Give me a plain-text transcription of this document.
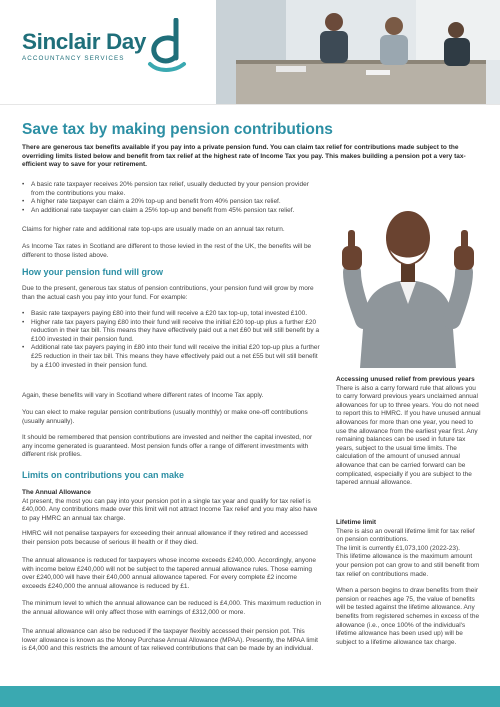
Sinclair Day
ACCOUNTANCY SERVICES
Save tax by making pension contributions
There are generous tax benefits available if you pay into a private pension fund. You can claim tax relief for contributions made subject to the overriding limits listed below and benefit from tax relief at the highest rate of Income Tax you pay. This makes building a pension pot a very tax-efficient way to save for your retirement.
• A basic rate taxpayer receives 20% pension tax relief, usually deducted by your pension provider from the contributions you make.
• A higher rate taxpayer can claim a 20% top-up and benefit from 40% pension tax relief.
• An additional rate taxpayer can claim a 25% top-up and benefit from 45% pension tax relief.
Claims for higher rate and additional rate top-ups are usually made on an annual tax return.
As Income Tax rates in Scotland are different to those levied in the rest of the UK, the benefits will be different to those listed above.
How your pension fund will grow
Due to the present, generous tax status of pension contributions, your pension fund will grow by more than the actual cash you pay into your fund. For example:
• Basic rate taxpayers paying £80 into their fund will receive a £20 tax top-up, total invested £100.
• Higher rate tax payers paying £80 into their fund will receive the initial £20 top-up plus a further £20 reduction in their tax bill. This means they have effectively paid out a net £60 but will still benefit by a £100 invested in their pension fund.
• Additional rate tax payers paying in £80 into their fund will receive the initial £20 top-up plus a further £25 reduction in their tax bill. This means they have effectively paid out a net £55 but will still benefit by a £100 invested in their pension fund.
Again, these benefits will vary in Scotland where different rates of Income Tax apply.
You can elect to make regular pension contributions (usually monthly) or make one-off contributions (usually annually).
It should be remembered that pension contributions are invested and neither the capital invested, nor any income generated is guaranteed. Most pension funds offer a range of different investments with different risk profiles.
Limits on contributions you can make
The Annual Allowance
At present, the most you can pay into your pension pot in a single tax year and qualify for tax relief is £40,000. Any contributions made over this limit will not attract Income Tax relief and you may also have to pay HMRC an annual tax charge.
HMRC will not penalise taxpayers for exceeding their annual allowance if they retired and accessed their pension pots because of serious ill health or if they died.
The annual allowance is reduced for taxpayers whose income exceeds £240,000. Accordingly, anyone with income below £240,000 will not be subject to the tapered annual allowance rules. Those earning over £240,000 will have their £40,000 annual allowance tapered. For every complete £2 income exceeds £240,000 the annual allowance is reduced by £1.
The minimum level to which the annual allowance can be reduced is £4,000. This maximum reduction in the annual allowance will only affect those with earnings of £312,000 or more.
The annual allowance can also be reduced if the taxpayer flexibly accessed their pension pot. This lower allowance is known as the Money Purchase Annual Allowance (MPAA). Presently, the MPAA limit is £4,000 and this restricts the amount of tax relieved contributions that can be made by an individual.
Accessing unused relief from previous years
There is also a carry forward rule that allows you to carry forward previous years unclaimed annual allowances for up to three years. You do not need to report this to HMRC. If you have unused annual allowances for more than one year, you need to use the allowance from the earliest year first. Any remaining balances can be used in future tax years, subject to the usual time limits. The calculation of the amount of unused annual allowance that can be carried forward can be complicated, especially if you are subject to the tapered annual allowance.
Lifetime limit
There is also an overall lifetime limit for tax relief on pension contributions.
The limit is currently £1,073,100 (2022-23).
This lifetime allowance is the maximum amount your pension pot can grow to and still benefit from tax relief on contributions made.
When a person begins to draw benefits from their pension or reaches age 75, the value of benefits will be tested against the lifetime allowance. Any benefits from registered schemes in excess of the allowance (i.e., once 100% of the individual's lifetime allowance has been used up) will be subject to a lifetime allowance tax charge.
